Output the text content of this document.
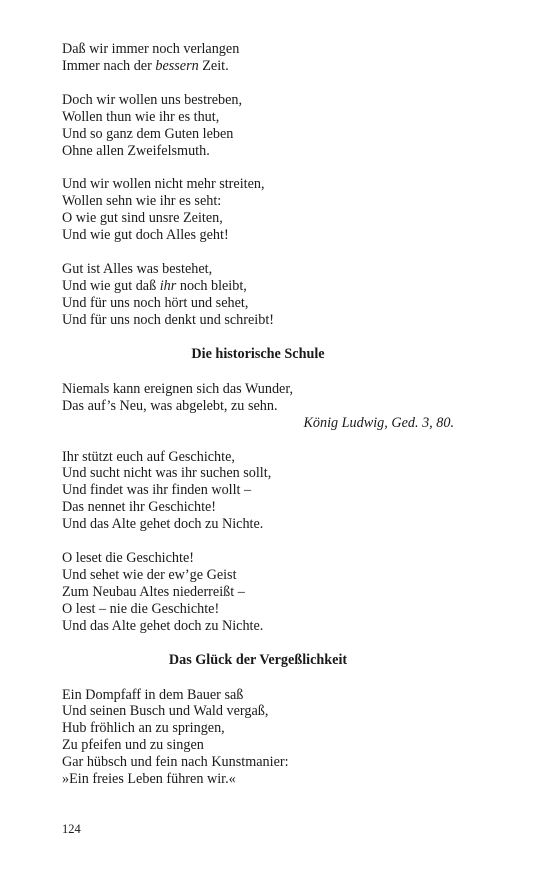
Daß wir immer noch verlangen
Immer nach der bessern Zeit.
Doch wir wollen uns bestreben,
Wollen thun wie ihr es thut,
Und so ganz dem Guten leben
Ohne allen Zweifelsmuth.
Und wir wollen nicht mehr streiten,
Wollen sehn wie ihr es seht:
O wie gut sind unsre Zeiten,
Und wie gut doch Alles geht!
Gut ist Alles was bestehet,
Und wie gut daß ihr noch bleibt,
Und für uns noch hört und sehet,
Und für uns noch denkt und schreibt!
Die historische Schule
Niemals kann ereignen sich das Wunder,
Das auf’s Neu, was abgelebt, zu sehn.
König Ludwig, Ged. 3, 80.
Ihr stützt euch auf Geschichte,
Und sucht nicht was ihr suchen sollt,
Und findet was ihr finden wollt –
Das nennet ihr Geschichte!
Und das Alte gehet doch zu Nichte.
O leset die Geschichte!
Und sehet wie der ew’ge Geist
Zum Neubau Altes niederreißt –
O lest – nie die Geschichte!
Und das Alte gehet doch zu Nichte.
Das Glück der Vergeßlichkeit
Ein Dompfaff in dem Bauer saß
Und seinen Busch und Wald vergaß,
Hub fröhlich an zu springen,
Zu pfeifen und zu singen
Gar hübsch und fein nach Kunstmanier:
»Ein freies Leben führen wir.«
124
